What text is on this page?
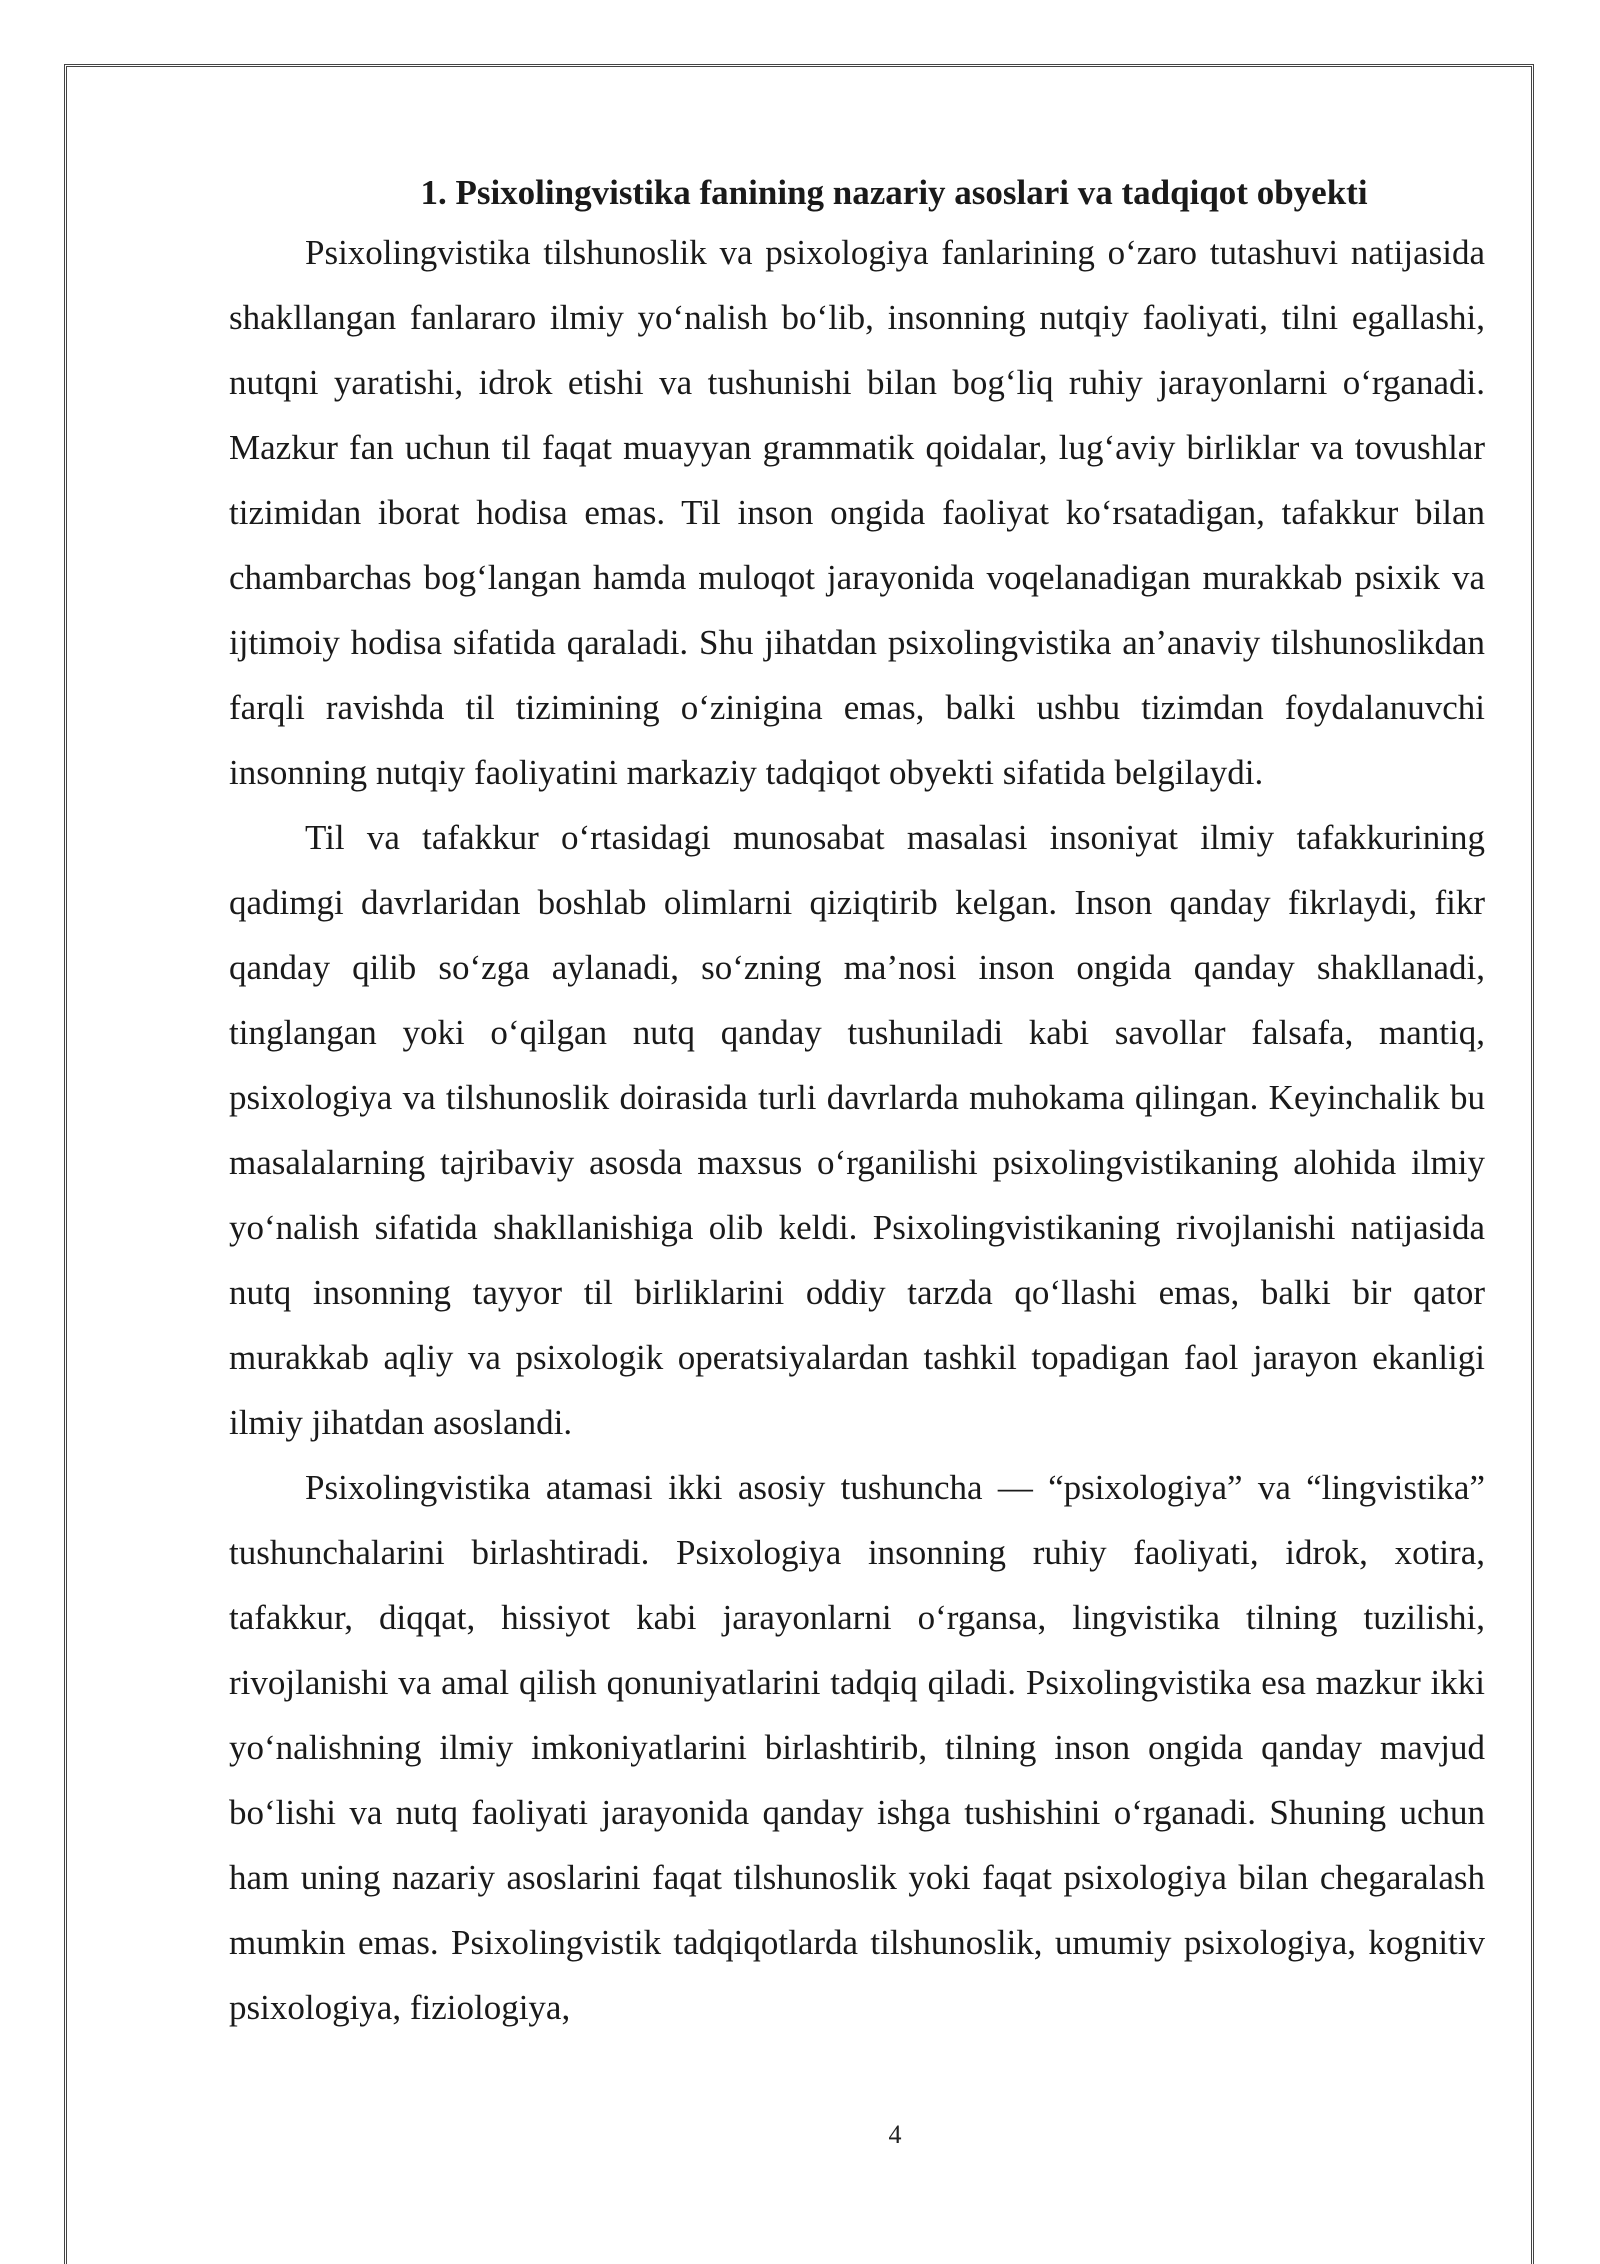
1. Psixolingvistika fanining nazariy asoslari va tadqiqot obyekti

Psixolingvistika tilshunoslik va psixologiya fanlarining o‘zaro tutashuvi natijasida shakllangan fanlararo ilmiy yo‘nalish bo‘lib, insonning nutqiy faoliyati, tilni egallashi, nutqni yaratishi, idrok etishi va tushunishi bilan bog‘liq ruhiy jarayonlarni o‘rganadi. Mazkur fan uchun til faqat muayyan grammatik qoidalar, lug‘aviy birliklar va tovushlar tizimidan iborat hodisa emas. Til inson ongida faoliyat ko‘rsatadigan, tafakkur bilan chambarchas bog‘langan hamda muloqot jarayonida voqelanadigan murakkab psixik va ijtimoiy hodisa sifatida qaraladi. Shu jihatdan psixolingvistika an’anaviy tilshunoslikdan farqli ravishda til tizimining o‘zinigina emas, balki ushbu tizimdan foydalanuvchi insonning nutqiy faoliyatini markaziy tadqiqot obyekti sifatida belgilaydi.

Til va tafakkur o‘rtasidagi munosabat masalasi insoniyat ilmiy tafakkurining qadimgi davrlaridan boshlab olimlarni qiziqtirib kelgan. Inson qanday fikrlaydi, fikr qanday qilib so‘zga aylanadi, so‘zning ma’nosi inson ongida qanday shakllanadi, tinglangan yoki o‘qilgan nutq qanday tushuniladi kabi savollar falsafa, mantiq, psixologiya va tilshunoslik doirasida turli davrlarda muhokama qilingan. Keyinchalik bu masalalarning tajribaviy asosda maxsus o‘rganilishi psixolingvistikaning alohida ilmiy yo‘nalish sifatida shakllanishiga olib keldi. Psixolingvistikaning rivojlanishi natijasida nutq insonning tayyor til birliklarini oddiy tarzda qo‘llashi emas, balki bir qator murakkab aqliy va psixologik operatsiyalardan tashkil topadigan faol jarayon ekanligi ilmiy jihatdan asoslandi.

Psixolingvistika atamasi ikki asosiy tushuncha — “psixologiya” va “lingvistika” tushunchalarini birlashtiradi. Psixologiya insonning ruhiy faoliyati, idrok, xotira, tafakkur, diqqat, hissiyot kabi jarayonlarni o‘rgansa, lingvistika tilning tuzilishi, rivojlanishi va amal qilish qonuniyatlarini tadqiq qiladi. Psixolingvistika esa mazkur ikki yo‘nalishning ilmiy imkoniyatlarini birlashtirib, tilning inson ongida qanday mavjud bo‘lishi va nutq faoliyati jarayonida qanday ishga tushishini o‘rganadi. Shuning uchun ham uning nazariy asoslarini faqat tilshunoslik yoki faqat psixologiya bilan chegaralash mumkin emas. Psixolingvistik tadqiqotlarda tilshunoslik, umumiy psixologiya, kognitiv psixologiya, fiziologiya,

4
